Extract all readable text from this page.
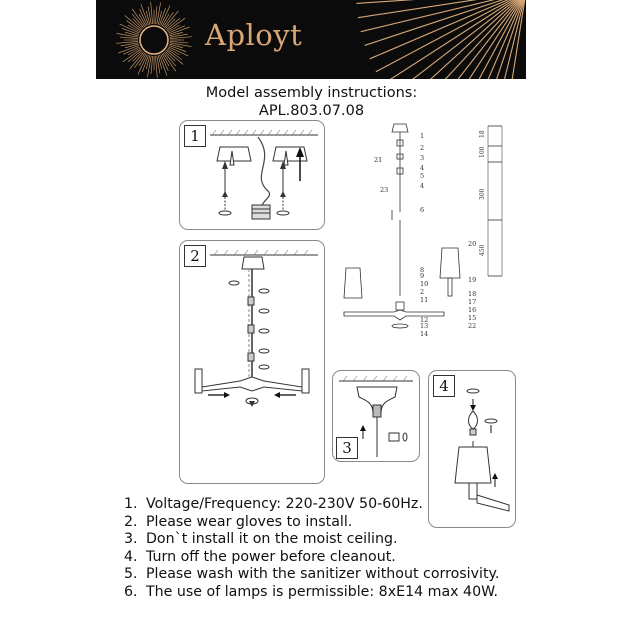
Aployt
Model assembly instructions:
APL.803.07.08
1
2
1
2
3
4
5
4
6
21
23
20
8
9
10
2
11
12
13
14
19
18
17
16
15
22
18
100
300
450
3
4
1. Voltage/Frequency: 220-230V 50-60Hz.
2. Please wear gloves to install.
3. Don`t install it on the moist ceiling.
4. Turn off the power before cleanout.
5. Please wash with the sanitizer without corrosivity.
6. The use of lamps is permissible: 8xE14 max 40W.
